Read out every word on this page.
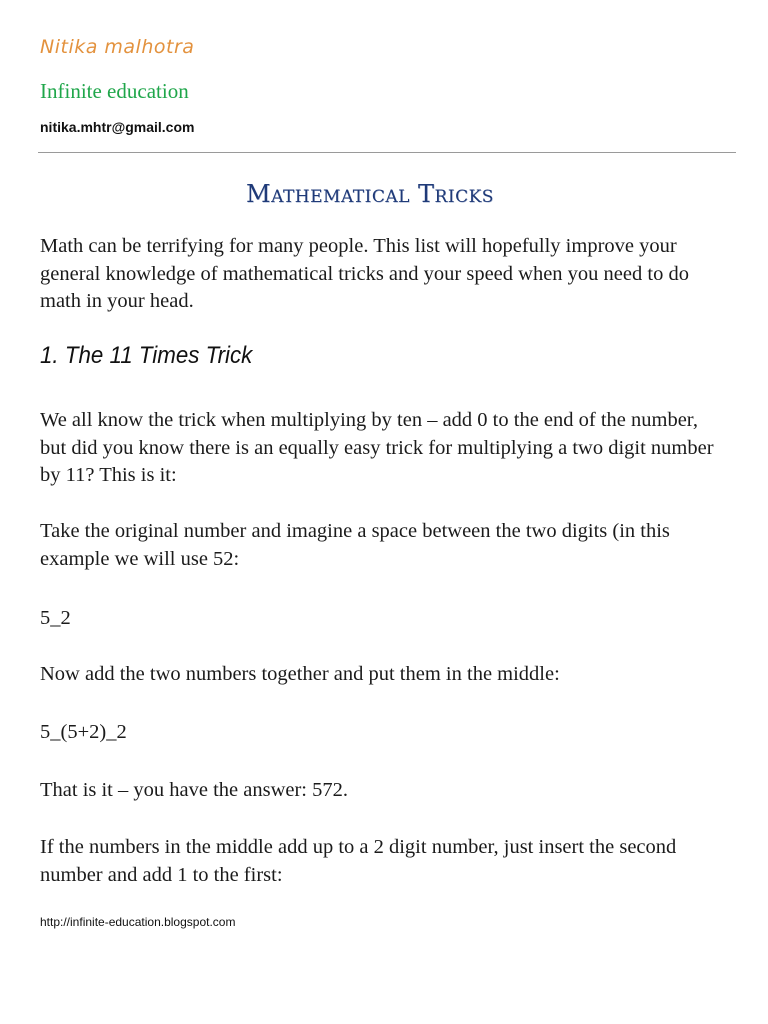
Nitika malhotra
Infinite education
nitika.mhtr@gmail.com
Mathematical Tricks

Math can be terrifying for many people. This list will hopefully improve your general knowledge of mathematical tricks and your speed when you need to do math in your head.

1. The 11 Times Trick

We all know the trick when multiplying by ten – add 0 to the end of the number, but did you know there is an equally easy trick for multiplying a two digit number by 11? This is it:

Take the original number and imagine a space between the two digits (in this example we will use 52:

5_2

Now add the two numbers together and put them in the middle:

5_(5+2)_2

That is it – you have the answer: 572.

If the numbers in the middle add up to a 2 digit number, just insert the second number and add 1 to the first:

http://infinite-education.blogspot.com
